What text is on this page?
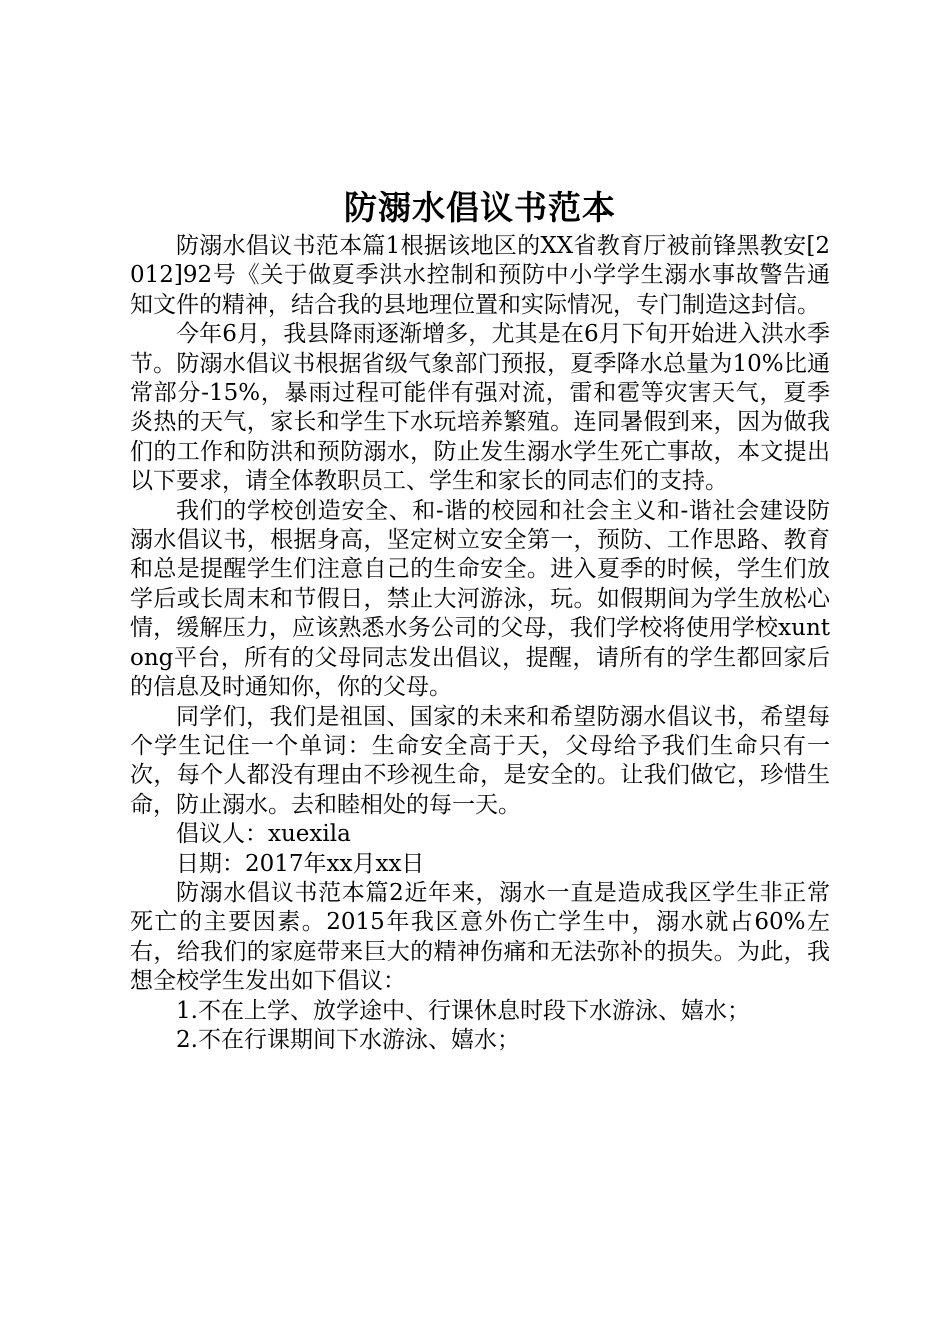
防溺水倡议书范本

防溺水倡议书范本篇1根据该地区的XX省教育厅被前锋黑教安[2012]92号《关于做夏季洪水控制和预防中小学学生溺水事故警告通知文件的精神，结合我的县地理位置和实际情况，专门制造这封信。

今年6月，我县降雨逐渐增多，尤其是在6月下旬开始进入洪水季节。防溺水倡议书根据省级气象部门预报，夏季降水总量为10%比通常部分-15%，暴雨过程可能伴有强对流，雷和雹等灾害天气，夏季炎热的天气，家长和学生下水玩培养繁殖。连同暑假到来，因为做我们的工作和防洪和预防溺水，防止发生溺水学生死亡事故，本文提出以下要求，请全体教职员工、学生和家长的同志们的支持。

我们的学校创造安全、和-谐的校园和社会主义和-谐社会建设防溺水倡议书，根据身高，坚定树立安全第一，预防、工作思路、教育和总是提醒学生们注意自己的生命安全。进入夏季的时候，学生们放学后或长周末和节假日，禁止大河游泳，玩。如假期间为学生放松心情，缓解压力，应该熟悉水务公司的父母，我们学校将使用学校xuntong平台，所有的父母同志发出倡议，提醒，请所有的学生都回家后的信息及时通知你，你的父母。

同学们，我们是祖国、国家的未来和希望防溺水倡议书，希望每个学生记住一个单词：生命安全高于天，父母给予我们生命只有一次，每个人都没有理由不珍视生命，是安全的。让我们做它，珍惜生命，防止溺水。去和睦相处的每一天。

倡议人：xuexila

日期：2017年xx月xx日

防溺水倡议书范本篇2近年来，溺水一直是造成我区学生非正常死亡的主要因素。2015年我区意外伤亡学生中，溺水就占60%左右，给我们的家庭带来巨大的精神伤痛和无法弥补的损失。为此，我想全校学生发出如下倡议：

1.不在上学、放学途中、行课休息时段下水游泳、嬉水；

2.不在行课期间下水游泳、嬉水；
